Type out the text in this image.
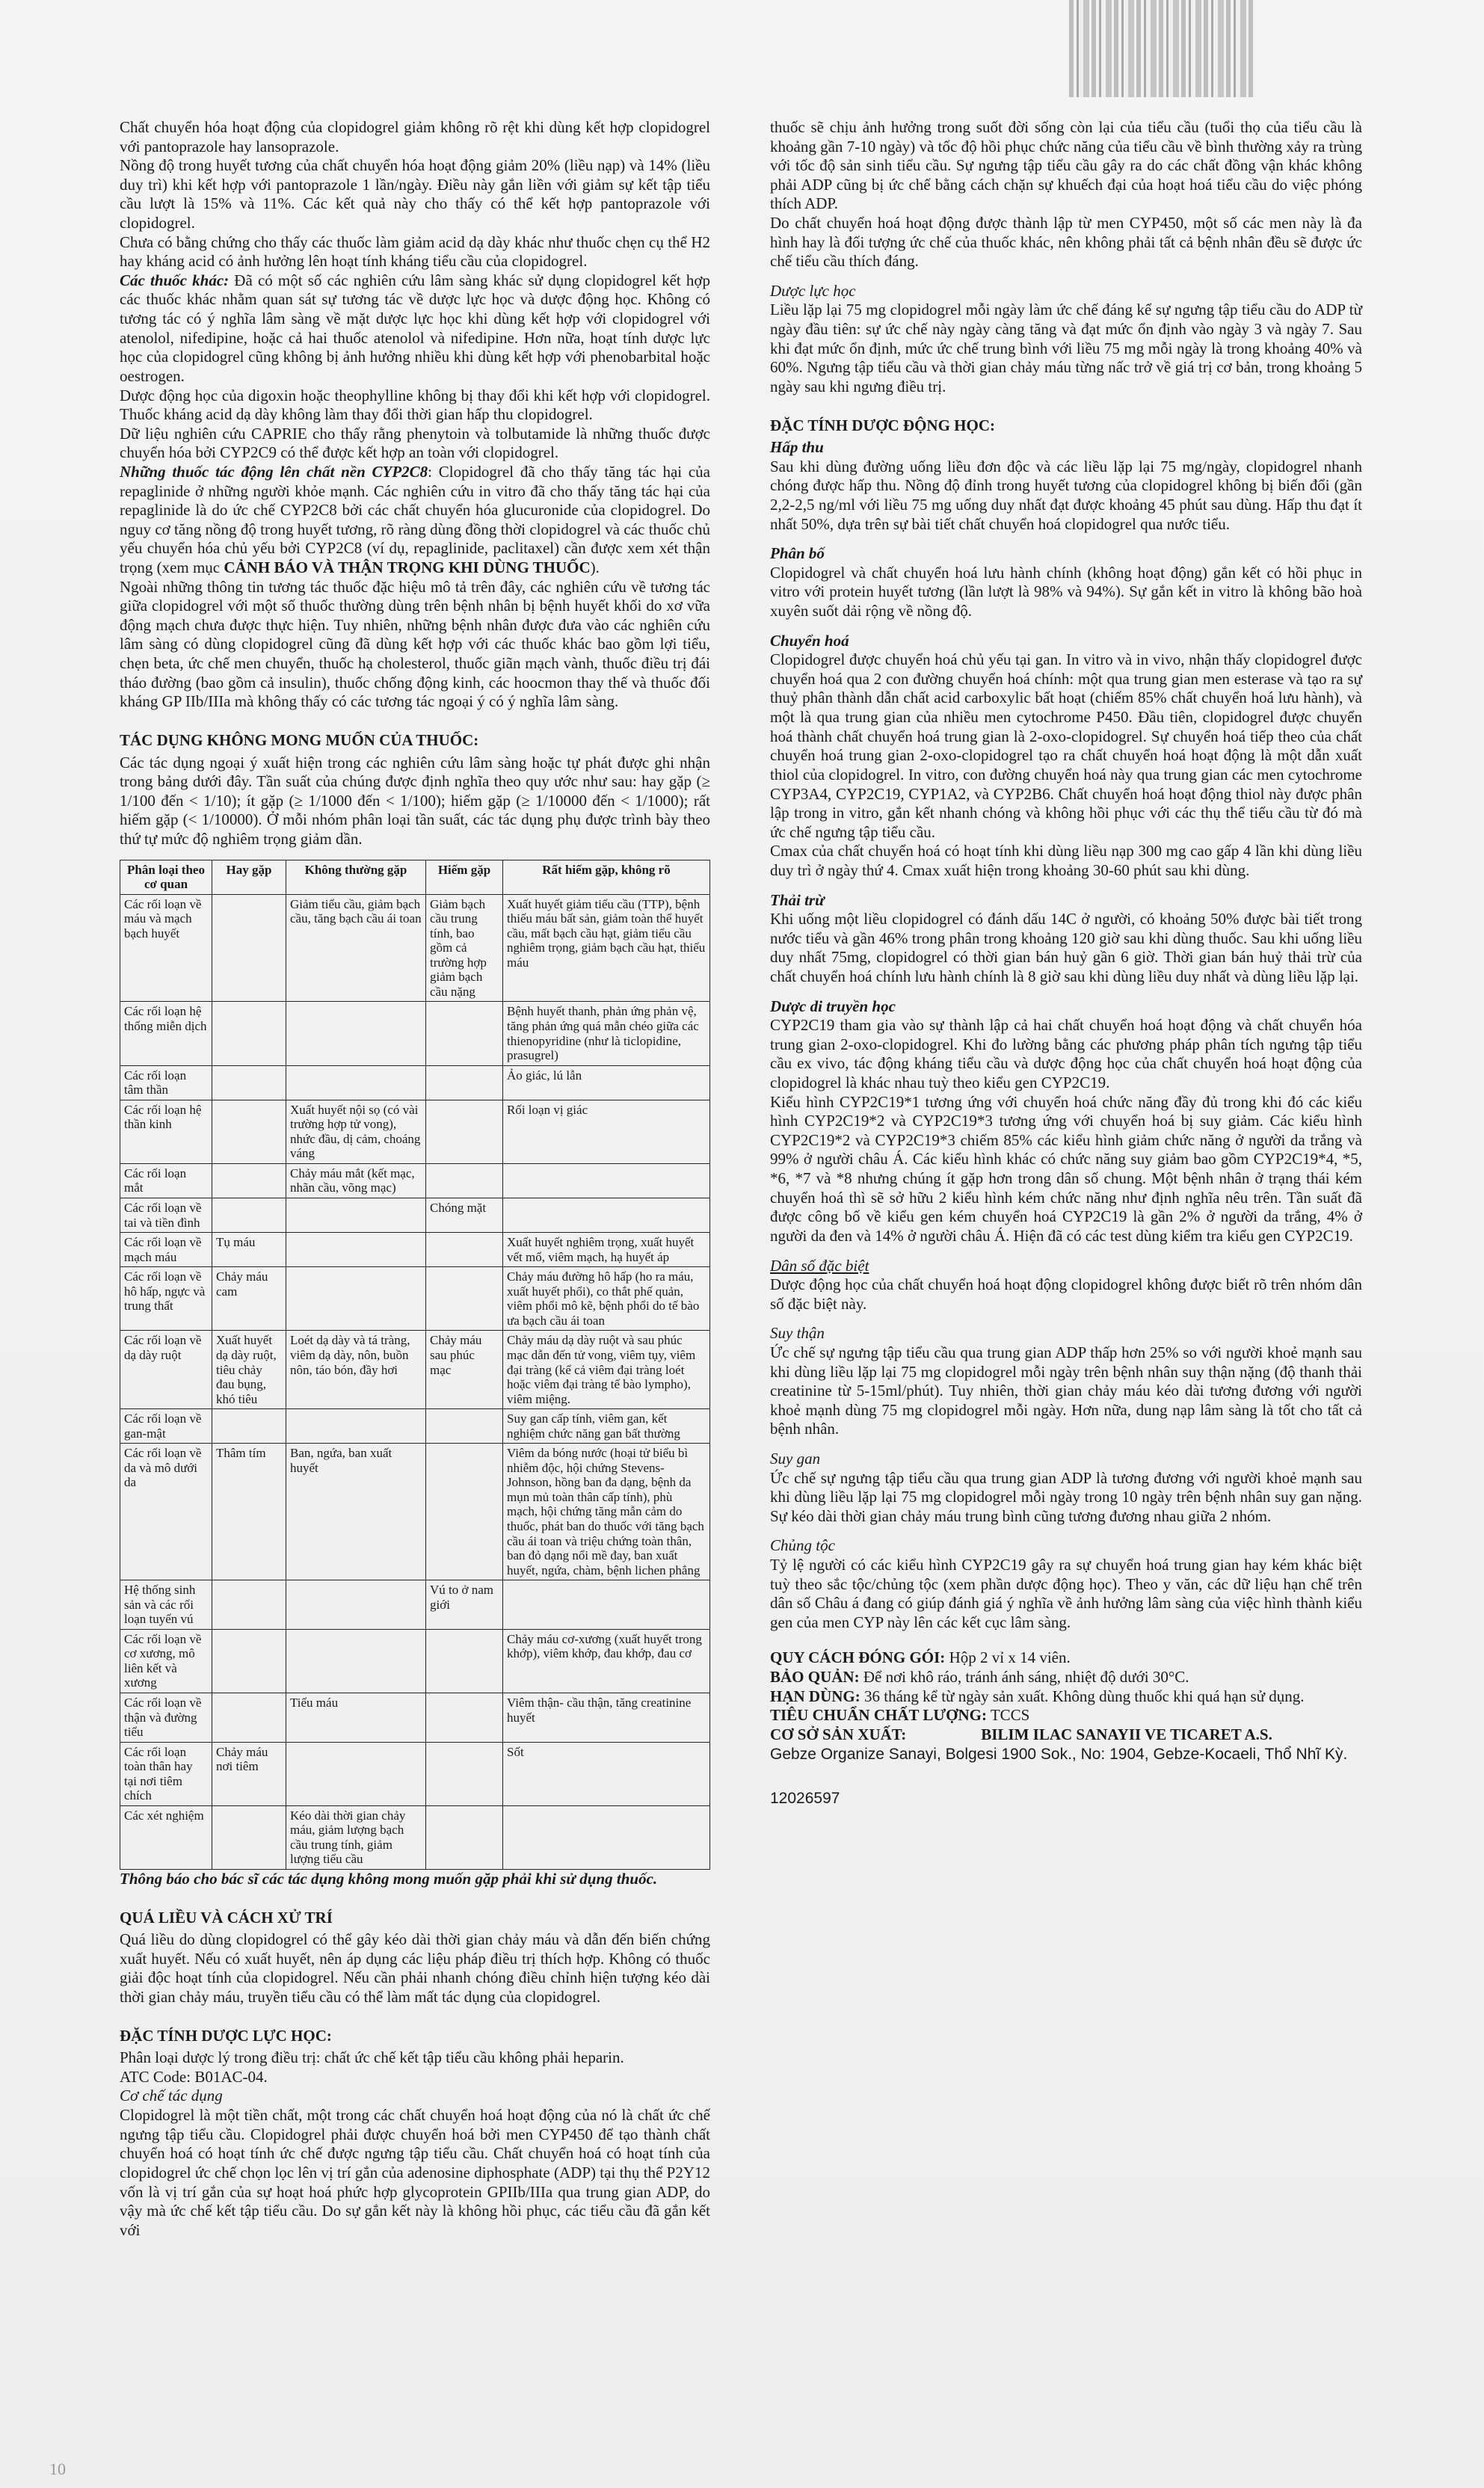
Chất chuyển hóa hoạt động của clopidogrel giảm không rõ rệt khi dùng kết hợp clopidogrel với pantoprazole hay lansoprazole.

Nồng độ trong huyết tương của chất chuyển hóa hoạt động giảm 20% (liều nạp) và 14% (liều duy trì) khi kết hợp với pantoprazole 1 lần/ngày. Điều này gắn liền với giảm sự kết tập tiểu cầu lượt là 15% và 11%. Các kết quả này cho thấy có thể kết hợp pantoprazole với clopidogrel.

Chưa có bằng chứng cho thấy các thuốc làm giảm acid dạ dày khác như thuốc chẹn cụ thể H2 hay kháng acid có ảnh hưởng lên hoạt tính kháng tiểu cầu của clopidogrel.

Các thuốc khác: Đã có một số các nghiên cứu lâm sàng khác sử dụng clopidogrel kết hợp các thuốc khác nhằm quan sát sự tương tác về dược lực học và dược động học. Không có tương tác có ý nghĩa lâm sàng về mặt dược lực học khi dùng kết hợp với clopidogrel với atenolol, nifedipine, hoặc cả hai thuốc atenolol và nifedipine. Hơn nữa, hoạt tính dược lực học của clopidogrel cũng không bị ảnh hưởng nhiều khi dùng kết hợp với phenobarbital hoặc oestrogen.

Dược động học của digoxin hoặc theophylline không bị thay đổi khi kết hợp với clopidogrel. Thuốc kháng acid dạ dày không làm thay đổi thời gian hấp thu clopidogrel.

Dữ liệu nghiên cứu CAPRIE cho thấy rằng phenytoin và tolbutamide là những thuốc được chuyển hóa bởi CYP2C9 có thể được kết hợp an toàn với clopidogrel.

Những thuốc tác động lên chất nền CYP2C8: Clopidogrel đã cho thấy tăng tác hại của repaglinide ở những người khỏe mạnh. Các nghiên cứu in vitro đã cho thấy tăng tác hại của repaglinide là do ức chế CYP2C8 bởi các chất chuyển hóa glucuronide của clopidogrel. Do nguy cơ tăng nồng độ trong huyết tương, rõ ràng dùng đồng thời clopidogrel và các thuốc chủ yếu chuyển hóa chủ yếu bởi CYP2C8 (ví dụ, repaglinide, paclitaxel) cần được xem xét thận trọng (xem mục CẢNH BÁO VÀ THẬN TRỌNG KHI DÙNG THUỐC).

Ngoài những thông tin tương tác thuốc đặc hiệu mô tả trên đây, các nghiên cứu về tương tác giữa clopidogrel với một số thuốc thường dùng trên bệnh nhân bị bệnh huyết khối do xơ vữa động mạch chưa được thực hiện. Tuy nhiên, những bệnh nhân được đưa vào các nghiên cứu lâm sàng có dùng clopidogrel cũng đã dùng kết hợp với các thuốc khác bao gồm lợi tiểu, chẹn beta, ức chế men chuyển, thuốc hạ cholesterol, thuốc giãn mạch vành, thuốc điều trị đái tháo đường (bao gồm cả insulin), thuốc chống động kinh, các hoocmon thay thế và thuốc đối kháng GP IIb/IIIa mà không thấy có các tương tác ngoại ý có ý nghĩa lâm sàng.

TÁC DỤNG KHÔNG MONG MUỐN CỦA THUỐC:

Các tác dụng ngoại ý xuất hiện trong các nghiên cứu lâm sàng hoặc tự phát được ghi nhận trong bảng dưới đây. Tần suất của chúng được định nghĩa theo quy ước như sau: hay gặp (≥ 1/100 đến < 1/10); ít gặp (≥ 1/1000 đến < 1/100); hiếm gặp (≥ 1/10000 đến < 1/1000); rất hiếm gặp (< 1/10000). Ở mỗi nhóm phân loại tần suất, các tác dụng phụ được trình bày theo thứ tự mức độ nghiêm trọng giảm dần.

Phân loại theo cơ quan	Hay gặp	Không thường gặp	Hiếm gặp	Rất hiếm gặp, không rõ
Các rối loạn về máu và mạch bạch huyết		Giảm tiểu cầu, giảm bạch cầu, tăng bạch cầu ái toan	Giảm bạch cầu trung tính, bao gồm cả trường hợp giảm bạch cầu nặng	Xuất huyết giảm tiểu cầu (TTP), bệnh thiếu máu bất sản, giảm toàn thể huyết cầu, mất bạch cầu hạt, giảm tiểu cầu nghiêm trọng, giảm bạch cầu hạt, thiếu máu
Các rối loạn hệ thống miễn dịch				Bệnh huyết thanh, phản ứng phản vệ, tăng phản ứng quá mẫn chéo giữa các thienopyridine (như là ticlopidine, prasugrel)
Các rối loạn tâm thần				Ảo giác, lú lẫn
Các rối loạn hệ thần kinh		Xuất huyết nội sọ (có vài trường hợp tử vong), nhức đầu, dị cảm, choáng váng		Rối loạn vị giác
Các rối loạn mắt		Chảy máu mắt (kết mạc, nhãn cầu, võng mạc)		
Các rối loạn về tai và tiền đình			Chóng mặt	
Các rối loạn về mạch máu	Tụ máu			Xuất huyết nghiêm trọng, xuất huyết vết mổ, viêm mạch, hạ huyết áp
Các rối loạn về hô hấp, ngực và trung thất	Chảy máu cam			Chảy máu đường hô hấp (ho ra máu, xuất huyết phổi), co thắt phế quản, viêm phổi mô kẽ, bệnh phổi do tế bào ưa bạch cầu ái toan
Các rối loạn về dạ dày ruột	Xuất huyết dạ dày ruột, tiêu chảy đau bụng, khó tiêu	Loét dạ dày và tá tràng, viêm dạ dày, nôn, buồn nôn, táo bón, đầy hơi	Chảy máu sau phúc mạc	Chảy máu dạ dày ruột và sau phúc mạc dẫn đến tử vong, viêm tụy, viêm đại tràng (kể cả viêm đại tràng loét hoặc viêm đại tràng tế bào lympho), viêm miệng.
Các rối loạn về gan-mật				Suy gan cấp tính, viêm gan, kết nghiệm chức năng gan bất thường
Các rối loạn về da và mô dưới da	Thâm tím	Ban, ngứa, ban xuất huyết		Viêm da bóng nước (hoại tử biểu bì nhiễm độc, hội chứng Stevens-Johnson, hồng ban đa dạng, bệnh da mụn mủ toàn thân cấp tính), phù mạch, hội chứng tăng mẫn cảm do thuốc, phát ban do thuốc với tăng bạch cầu ái toan và triệu chứng toàn thân, ban đỏ dạng nổi mề đay, ban xuất huyết, ngứa, chàm, bệnh lichen phẳng
Hệ thống sinh sản và các rối loạn tuyến vú			Vú to ở nam giới	
Các rối loạn về cơ xương, mô liên kết và xương				Chảy máu cơ-xương (xuất huyết trong khớp), viêm khớp, đau khớp, đau cơ
Các rối loạn về thận và đường tiểu		Tiểu máu		Viêm thận- cầu thận, tăng creatinine huyết
Các rối loạn toàn thân hay tại nơi tiêm chích	Chảy máu nơi tiêm			Sốt
Các xét nghiệm		Kéo dài thời gian chảy máu, giảm lượng bạch cầu trung tính, giảm lượng tiểu cầu		

Thông báo cho bác sĩ các tác dụng không mong muốn gặp phải khi sử dụng thuốc.

QUÁ LIỀU VÀ CÁCH XỬ TRÍ

Quá liều do dùng clopidogrel có thể gây kéo dài thời gian chảy máu và dẫn đến biến chứng xuất huyết. Nếu có xuất huyết, nên áp dụng các liệu pháp điều trị thích hợp. Không có thuốc giải độc hoạt tính của clopidogrel. Nếu cần phải nhanh chóng điều chỉnh hiện tượng kéo dài thời gian chảy máu, truyền tiểu cầu có thể làm mất tác dụng của clopidogrel.

ĐẶC TÍNH DƯỢC LỰC HỌC:

Phân loại dược lý trong điều trị: chất ức chế kết tập tiểu cầu không phải heparin.

ATC Code: B01AC-04.

Cơ chế tác dụng

Clopidogrel là một tiền chất, một trong các chất chuyển hoá hoạt động của nó là chất ức chế ngưng tập tiểu cầu. Clopidogrel phải được chuyển hoá bởi men CYP450 để tạo thành chất chuyển hoá có hoạt tính ức chế được ngưng tập tiểu cầu. Chất chuyển hoá có hoạt tính của clopidogrel ức chế chọn lọc lên vị trí gắn của adenosine diphosphate (ADP) tại thụ thể P2Y12 vốn là vị trí gắn của sự hoạt hoá phức hợp glycoprotein GPIIb/IIIa qua trung gian ADP, do vậy mà ức chế kết tập tiểu cầu. Do sự gắn kết này là không hồi phục, các tiểu cầu đã gắn kết với

thuốc sẽ chịu ảnh hưởng trong suốt đời sống còn lại của tiểu cầu (tuổi thọ của tiểu cầu là khoảng gần 7-10 ngày) và tốc độ hồi phục chức năng của tiểu cầu về bình thường xảy ra trùng với tốc độ sản sinh tiểu cầu. Sự ngưng tập tiểu cầu gây ra do các chất đồng vận khác không phải ADP cũng bị ức chế bằng cách chặn sự khuếch đại của hoạt hoá tiểu cầu do việc phóng thích ADP.

Do chất chuyển hoá hoạt động được thành lập từ men CYP450, một số các men này là đa hình hay là đối tượng ức chế của thuốc khác, nên không phải tất cả bệnh nhân đều sẽ được ức chế tiểu cầu thích đáng.

Dược lực học

Liều lặp lại 75 mg clopidogrel mỗi ngày làm ức chế đáng kể sự ngưng tập tiểu cầu do ADP từ ngày đầu tiên: sự ức chế này ngày càng tăng và đạt mức ổn định vào ngày 3 và ngày 7. Sau khi đạt mức ổn định, mức ức chế trung bình với liều 75 mg mỗi ngày là trong khoảng 40% và 60%. Ngưng tập tiểu cầu và thời gian chảy máu từng nấc trở về giá trị cơ bản, trong khoảng 5 ngày sau khi ngưng điều trị.

ĐẶC TÍNH DƯỢC ĐỘNG HỌC:

Hấp thu

Sau khi dùng đường uống liều đơn độc và các liều lặp lại 75 mg/ngày, clopidogrel nhanh chóng được hấp thu. Nồng độ đỉnh trong huyết tương của clopidogrel không bị biến đổi (gần 2,2-2,5 ng/ml với liều 75 mg uống duy nhất đạt được khoảng 45 phút sau dùng. Hấp thu đạt ít nhất 50%, dựa trên sự bài tiết chất chuyển hoá clopidogrel qua nước tiểu.

Phân bố

Clopidogrel và chất chuyển hoá lưu hành chính (không hoạt động) gắn kết có hồi phục in vitro với protein huyết tương (lần lượt là 98% và 94%). Sự gắn kết in vitro là không bão hoà xuyên suốt dải rộng về nồng độ.

Chuyển hoá

Clopidogrel được chuyển hoá chủ yếu tại gan. In vitro và in vivo, nhận thấy clopidogrel được chuyển hoá qua 2 con đường chuyển hoá chính: một qua trung gian men esterase và tạo ra sự thuỷ phân thành dẫn chất acid carboxylic bất hoạt (chiếm 85% chất chuyển hoá lưu hành), và một là qua trung gian của nhiều men cytochrome P450. Đầu tiên, clopidogrel được chuyển hoá thành chất chuyển hoá trung gian là 2-oxo-clopidogrel. Sự chuyển hoá tiếp theo của chất chuyển hoá trung gian 2-oxo-clopidogrel tạo ra chất chuyển hoá hoạt động là một dẫn xuất thiol của clopidogrel. In vitro, con đường chuyển hoá này qua trung gian các men cytochrome CYP3A4, CYP2C19, CYP1A2, và CYP2B6. Chất chuyển hoá hoạt động thiol này được phân lập trong in vitro, gắn kết nhanh chóng và không hồi phục với các thụ thể tiểu cầu từ đó mà ức chế ngưng tập tiểu cầu.

Cmax của chất chuyển hoá có hoạt tính khi dùng liều nạp 300 mg cao gấp 4 lần khi dùng liều duy trì ở ngày thứ 4. Cmax xuất hiện trong khoảng 30-60 phút sau khi dùng.

Thải trừ

Khi uống một liều clopidogrel có đánh dấu 14C ở người, có khoảng 50% được bài tiết trong nước tiểu và gần 46% trong phân trong khoảng 120 giờ sau khi dùng thuốc. Sau khi uống liều duy nhất 75mg, clopidogrel có thời gian bán huỷ gần 6 giờ. Thời gian bán huỷ thải trừ của chất chuyển hoá chính lưu hành chính là 8 giờ sau khi dùng liều duy nhất và dùng liều lặp lại.

Dược di truyền học

CYP2C19 tham gia vào sự thành lập cả hai chất chuyển hoá hoạt động và chất chuyển hóa trung gian 2-oxo-clopidogrel. Khi đo lường bằng các phương pháp phân tích ngưng tập tiểu cầu ex vivo, tác động kháng tiểu cầu và dược động học của chất chuyển hoá hoạt động của clopidogrel là khác nhau tuỳ theo kiểu gen CYP2C19.

Kiểu hình CYP2C19*1 tương ứng với chuyển hoá chức năng đầy đủ trong khi đó các kiểu hình CYP2C19*2 và CYP2C19*3 tương ứng với chuyển hoá bị suy giảm. Các kiểu hình CYP2C19*2 và CYP2C19*3 chiếm 85% các kiểu hình giảm chức năng ở người da trắng và 99% ở người châu Á. Các kiểu hình khác có chức năng suy giảm bao gồm CYP2C19*4, *5, *6, *7 và *8 nhưng chúng ít gặp hơn trong dân số chung. Một bệnh nhân ở trạng thái kém chuyển hoá thì sẽ sở hữu 2 kiểu hình kém chức năng như định nghĩa nêu trên. Tần suất đã được công bố về kiểu gen kém chuyển hoá CYP2C19 là gần 2% ở người da trắng, 4% ở người da đen và 14% ở người châu Á. Hiện đã có các test dùng kiểm tra kiểu gen CYP2C19.

Dân số đặc biệt

Dược động học của chất chuyển hoá hoạt động clopidogrel không được biết rõ trên nhóm dân số đặc biệt này.

Suy thận

Ức chế sự ngưng tập tiểu cầu qua trung gian ADP thấp hơn 25% so với người khoẻ mạnh sau khi dùng liều lặp lại 75 mg clopidogrel mỗi ngày trên bệnh nhân suy thận nặng (độ thanh thải creatinine từ 5-15ml/phút). Tuy nhiên, thời gian chảy máu kéo dài tương đương với người khoẻ mạnh dùng 75 mg clopidogrel mỗi ngày. Hơn nữa, dung nạp lâm sàng là tốt cho tất cả bệnh nhân.

Suy gan

Ức chế sự ngưng tập tiểu cầu qua trung gian ADP là tương đương với người khoẻ mạnh sau khi dùng liều lặp lại 75 mg clopidogrel mỗi ngày trong 10 ngày trên bệnh nhân suy gan nặng. Sự kéo dài thời gian chảy máu trung bình cũng tương đương nhau giữa 2 nhóm.

Chủng tộc

Tỷ lệ người có các kiểu hình CYP2C19 gây ra sự chuyển hoá trung gian hay kém khác biệt tuỳ theo sắc tộc/chủng tộc (xem phần dược động học). Theo y văn, các dữ liệu hạn chế trên dân số Châu á đang có giúp đánh giá ý nghĩa về ảnh hưởng lâm sàng của việc hình thành kiểu gen của men CYP này lên các kết cục lâm sàng.

QUY CÁCH ĐÓNG GÓI: Hộp 2 vỉ x 14 viên.

BẢO QUẢN: Để nơi khô ráo, tránh ánh sáng, nhiệt độ dưới 30°C.

HẠN DÙNG: 36 tháng kể từ ngày sản xuất. Không dùng thuốc khi quá hạn sử dụng.

TIÊU CHUẨN CHẤT LƯỢNG: TCCS

CƠ SỞ SẢN XUẤT:	BILIM ILAC SANAYII VE TICARET A.S.

Gebze Organize Sanayi, Bolgesi 1900 Sok., No: 1904, Gebze-Kocaeli, Thổ Nhĩ Kỳ.

12026597

10
